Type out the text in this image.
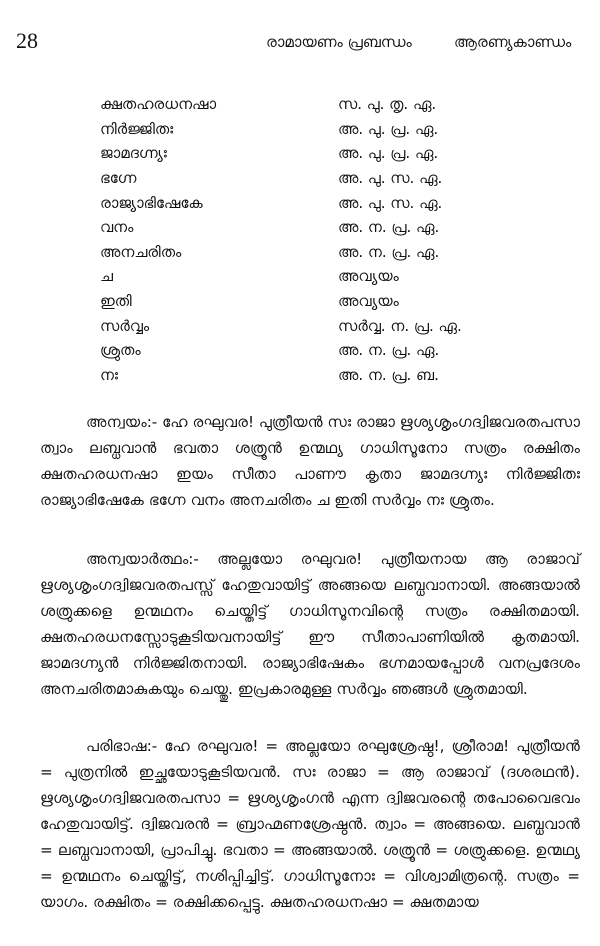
28	രാമായണം പ്രബന്ധം	ആരണ്യകാണ്ഡം
ക്ഷതഹരധനഷാ	സ. പു. തൃ. ഏ.
നിർജ്ജിതഃ	അ. പു. പ്ര. ഏ.
ജാമദഗ്ന്യഃ	അ. പു. പ്ര. ഏ.
ഭഗ്നേ	അ. പു. സ. ഏ.
രാജ്യാഭിഷേകേ	അ. പു. സ. ഏ.
വനം	അ. ന. പ്ര. ഏ.
അനചരിതം	അ. ന. പ്ര. ഏ.
ച	അവ്യയം
ഇതി	അവ്യയം
സർവ്വം	സർവ്വ. ന. പ്ര. ഏ.
ശ്രുതം	അ. ന. പ്ര. ഏ.
നഃ	അ. ന. പ്ര. ബ.

അന്വയം:- ഹേ രഘുവര! പുത്രീയൻ സഃ രാജാ ഋശ്യശൃംഗദ്വിജവരതപസാ ത്വാം ലബ്ധവാൻ ഭവതാ ശത്രൂൻ ഉന്മഥ്യ ഗാധിസൂനോ സത്രം രക്ഷിതം ക്ഷതഹരധനഷാ ഇയം സീതാ പാണൗ കൃതാ ജാമദഗ്ന്യഃ നിർജ്ജിതഃ രാജ്യാഭിഷേകേ ഭഗ്നേ വനം അനചരിതം ച ഇതി സർവ്വം നഃ ശ്രുതം.

അന്വയാർത്ഥം:- അല്ലയോ രഘുവര! പുത്രീയനായ ആ രാജാവ് ഋശ്യശൃംഗദ്വിജവരതപസ്സ് ഹേതുവായിട്ട് അങ്ങയെ ലബ്ധവാനായി. അങ്ങയാൽ ശത്രുക്കളെ ഉന്മഥനം ചെയ്തിട്ട് ഗാധിസൂനവിന്റെ സത്രം രക്ഷിതമായി. ക്ഷതഹരധനസ്സോടുകൂടിയവനായിട്ട് ഈ സീതാപാണിയിൽ കൃതമായി. ജാമദഗ്ന്യൻ നിർജ്ജിതനായി. രാജ്യാഭിഷേകം ഭഗ്നമായപ്പോൾ വനപ്രദേശം അനചരിതമാകുകയും ചെയ്തു. ഇപ്രകാരമുള്ള സർവ്വം ഞങ്ങൾ ശ്രുതമായി.

പരിഭാഷ:- ഹേ രഘുവര! = അല്ലയോ രഘുശ്രേഷ്ഠ!, ശ്രീരാമ! പുത്രീയൻ = പുത്രനിൽ ഇച്ഛയോടുകൂടിയവൻ. സഃ രാജാ = ആ രാജാവ് (ദശരഥൻ). ഋശ്യശൃംഗദ്വിജവരതപസാ = ഋശ്യശൃംഗൻ എന്ന ദ്വിജവരന്റെ തപോവൈഭവം ഹേതുവായിട്ട്. ദ്വിജവരൻ = ബ്രാഹ്മണശ്രേഷ്ഠൻ. ത്വാം = അങ്ങയെ. ലബ്ധവാൻ = ലബ്ധവാനായി, പ്രാപിച്ചു. ഭവതാ = അങ്ങയാൽ. ശത്രൂൻ = ശത്രുക്കളെ. ഉന്മഥ്യ = ഉന്മഥനം ചെയ്തിട്ട്, നശിപ്പിച്ചിട്ട്. ഗാധിസൂനോഃ = വിശ്വാമിത്രന്റെ. സത്രം = യാഗം. രക്ഷിതം = രക്ഷിക്കപ്പെട്ടു. ക്ഷതഹരധനഷാ = ക്ഷതമായ
